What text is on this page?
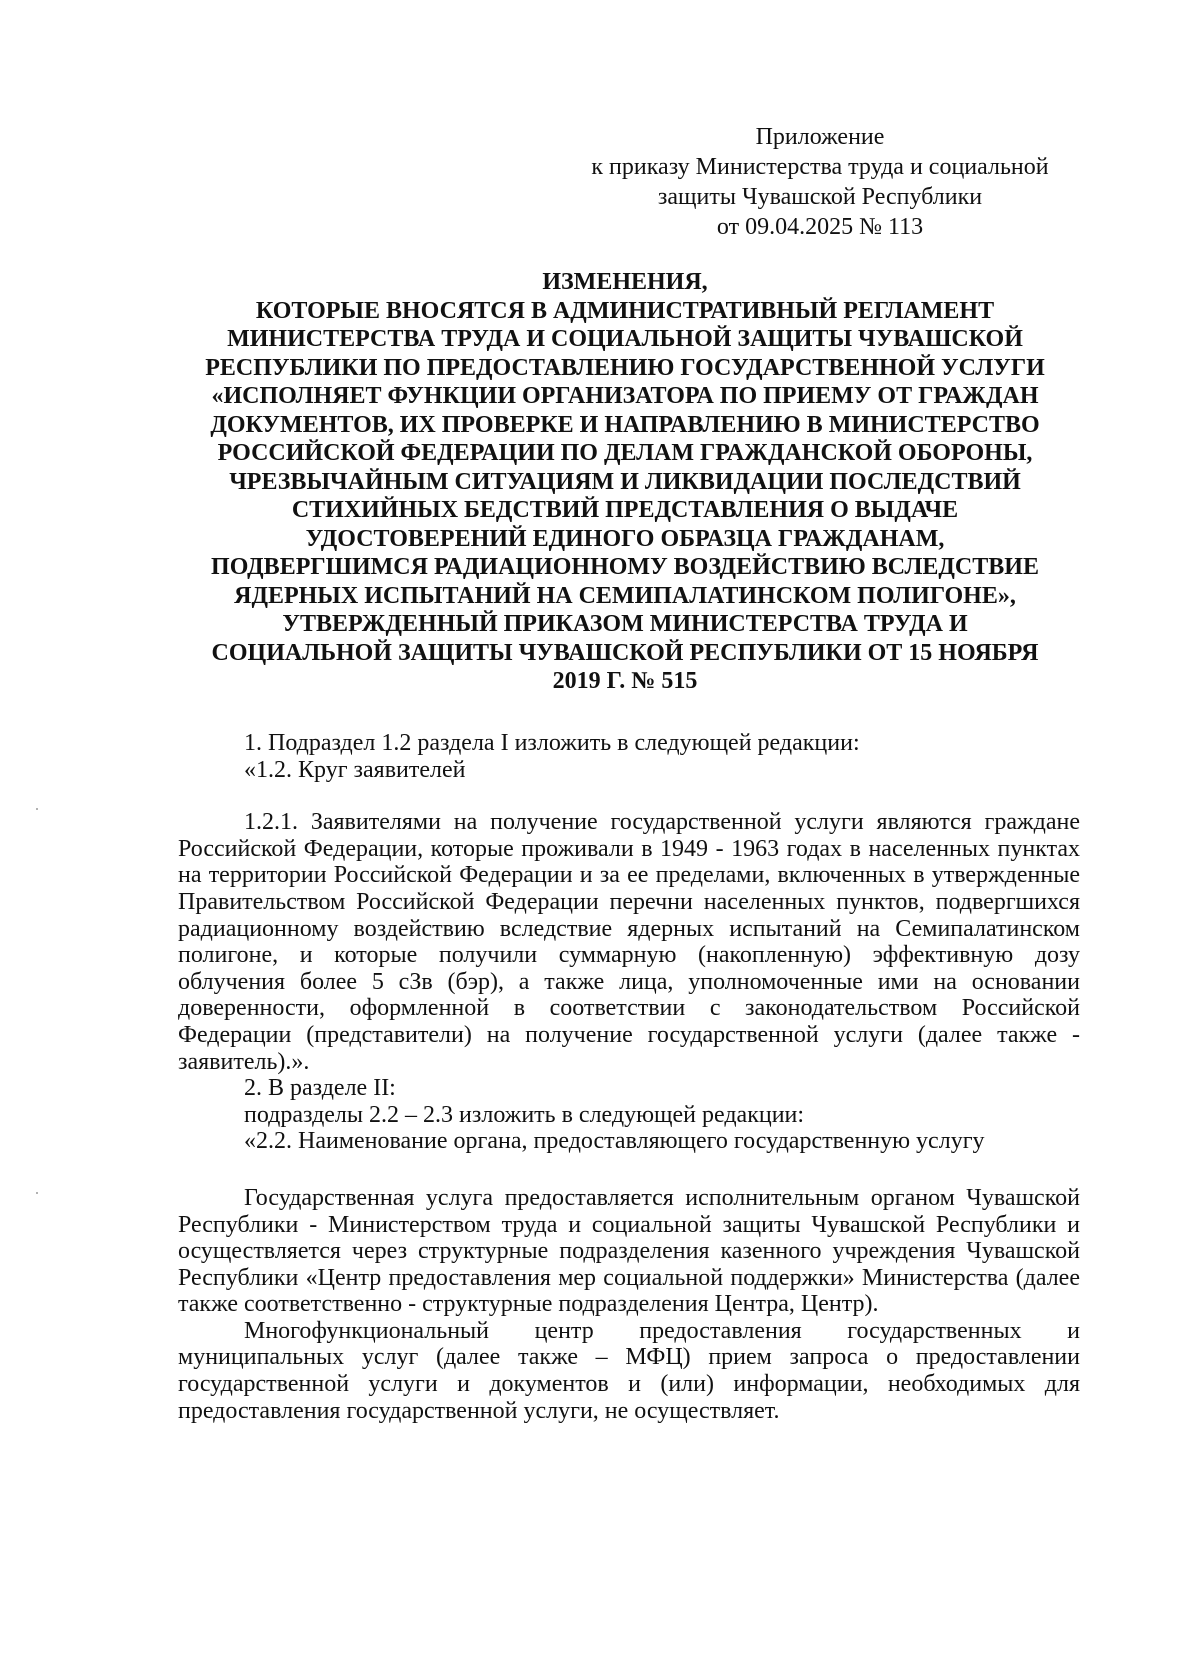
Приложение
к приказу Министерства труда и социальной
защиты Чувашской Республики
от 09.04.2025 № 113
ИЗМЕНЕНИЯ,
КОТОРЫЕ ВНОСЯТСЯ В АДМИНИСТРАТИВНЫЙ РЕГЛАМЕНТ
МИНИСТЕРСТВА ТРУДА И СОЦИАЛЬНОЙ ЗАЩИТЫ ЧУВАШСКОЙ
РЕСПУБЛИКИ ПО ПРЕДОСТАВЛЕНИЮ ГОСУДАРСТВЕННОЙ УСЛУГИ
«ИСПОЛНЯЕТ ФУНКЦИИ ОРГАНИЗАТОРА ПО ПРИЕМУ ОТ ГРАЖДАН
ДОКУМЕНТОВ, ИХ ПРОВЕРКЕ И НАПРАВЛЕНИЮ В МИНИСТЕРСТВО
РОССИЙСКОЙ ФЕДЕРАЦИИ ПО ДЕЛАМ ГРАЖДАНСКОЙ ОБОРОНЫ,
ЧРЕЗВЫЧАЙНЫМ СИТУАЦИЯМ И ЛИКВИДАЦИИ ПОСЛЕДСТВИЙ
СТИХИЙНЫХ БЕДСТВИЙ ПРЕДСТАВЛЕНИЯ О ВЫДАЧЕ
УДОСТОВЕРЕНИЙ ЕДИНОГО ОБРАЗЦА ГРАЖДАНАМ,
ПОДВЕРГШИМСЯ РАДИАЦИОННОМУ ВОЗДЕЙСТВИЮ ВСЛЕДСТВИЕ
ЯДЕРНЫХ ИСПЫТАНИЙ НА СЕМИПАЛАТИНСКОМ ПОЛИГОНЕ»,
УТВЕРЖДЕННЫЙ ПРИКАЗОМ МИНИСТЕРСТВА ТРУДА И
СОЦИАЛЬНОЙ ЗАЩИТЫ ЧУВАШСКОЙ РЕСПУБЛИКИ ОТ 15 НОЯБРЯ
2019 Г. № 515

1. Подраздел 1.2 раздела I изложить в следующей редакции:

«1.2. Круг заявителей

1.2.1. Заявителями на получение государственной услуги являются граждане Российской Федерации, которые проживали в 1949 - 1963 годах в населенных пунктах на территории Российской Федерации и за ее пределами, включенных в утвержденные Правительством Российской Федерации перечни населенных пунктов, подвергшихся радиационному воздействию вследствие ядерных испытаний на Семипалатинском полигоне, и которые получили суммарную (накопленную) эффективную дозу облучения более 5 сЗв (бэр), а также лица, уполномоченные ими на основании доверенности, оформленной в соответствии с законодательством Российской Федерации (представители) на получение государственной услуги (далее также - заявитель).».

2. В разделе II:

подразделы 2.2 – 2.3 изложить в следующей редакции:

«2.2. Наименование органа, предоставляющего государственную услугу

Государственная услуга предоставляется исполнительным органом Чувашской Республики - Министерством труда и социальной защиты Чувашской Республики и осуществляется через структурные подразделения казенного учреждения Чувашской Республики «Центр предоставления мер социальной поддержки» Министерства (далее также соответственно - структурные подразделения Центра, Центр).

Многофункциональный центр предоставления государственных и муниципальных услуг (далее также – МФЦ) прием запроса о предоставлении государственной услуги и документов и (или) информации, необходимых для предоставления государственной услуги, не осуществляет.
